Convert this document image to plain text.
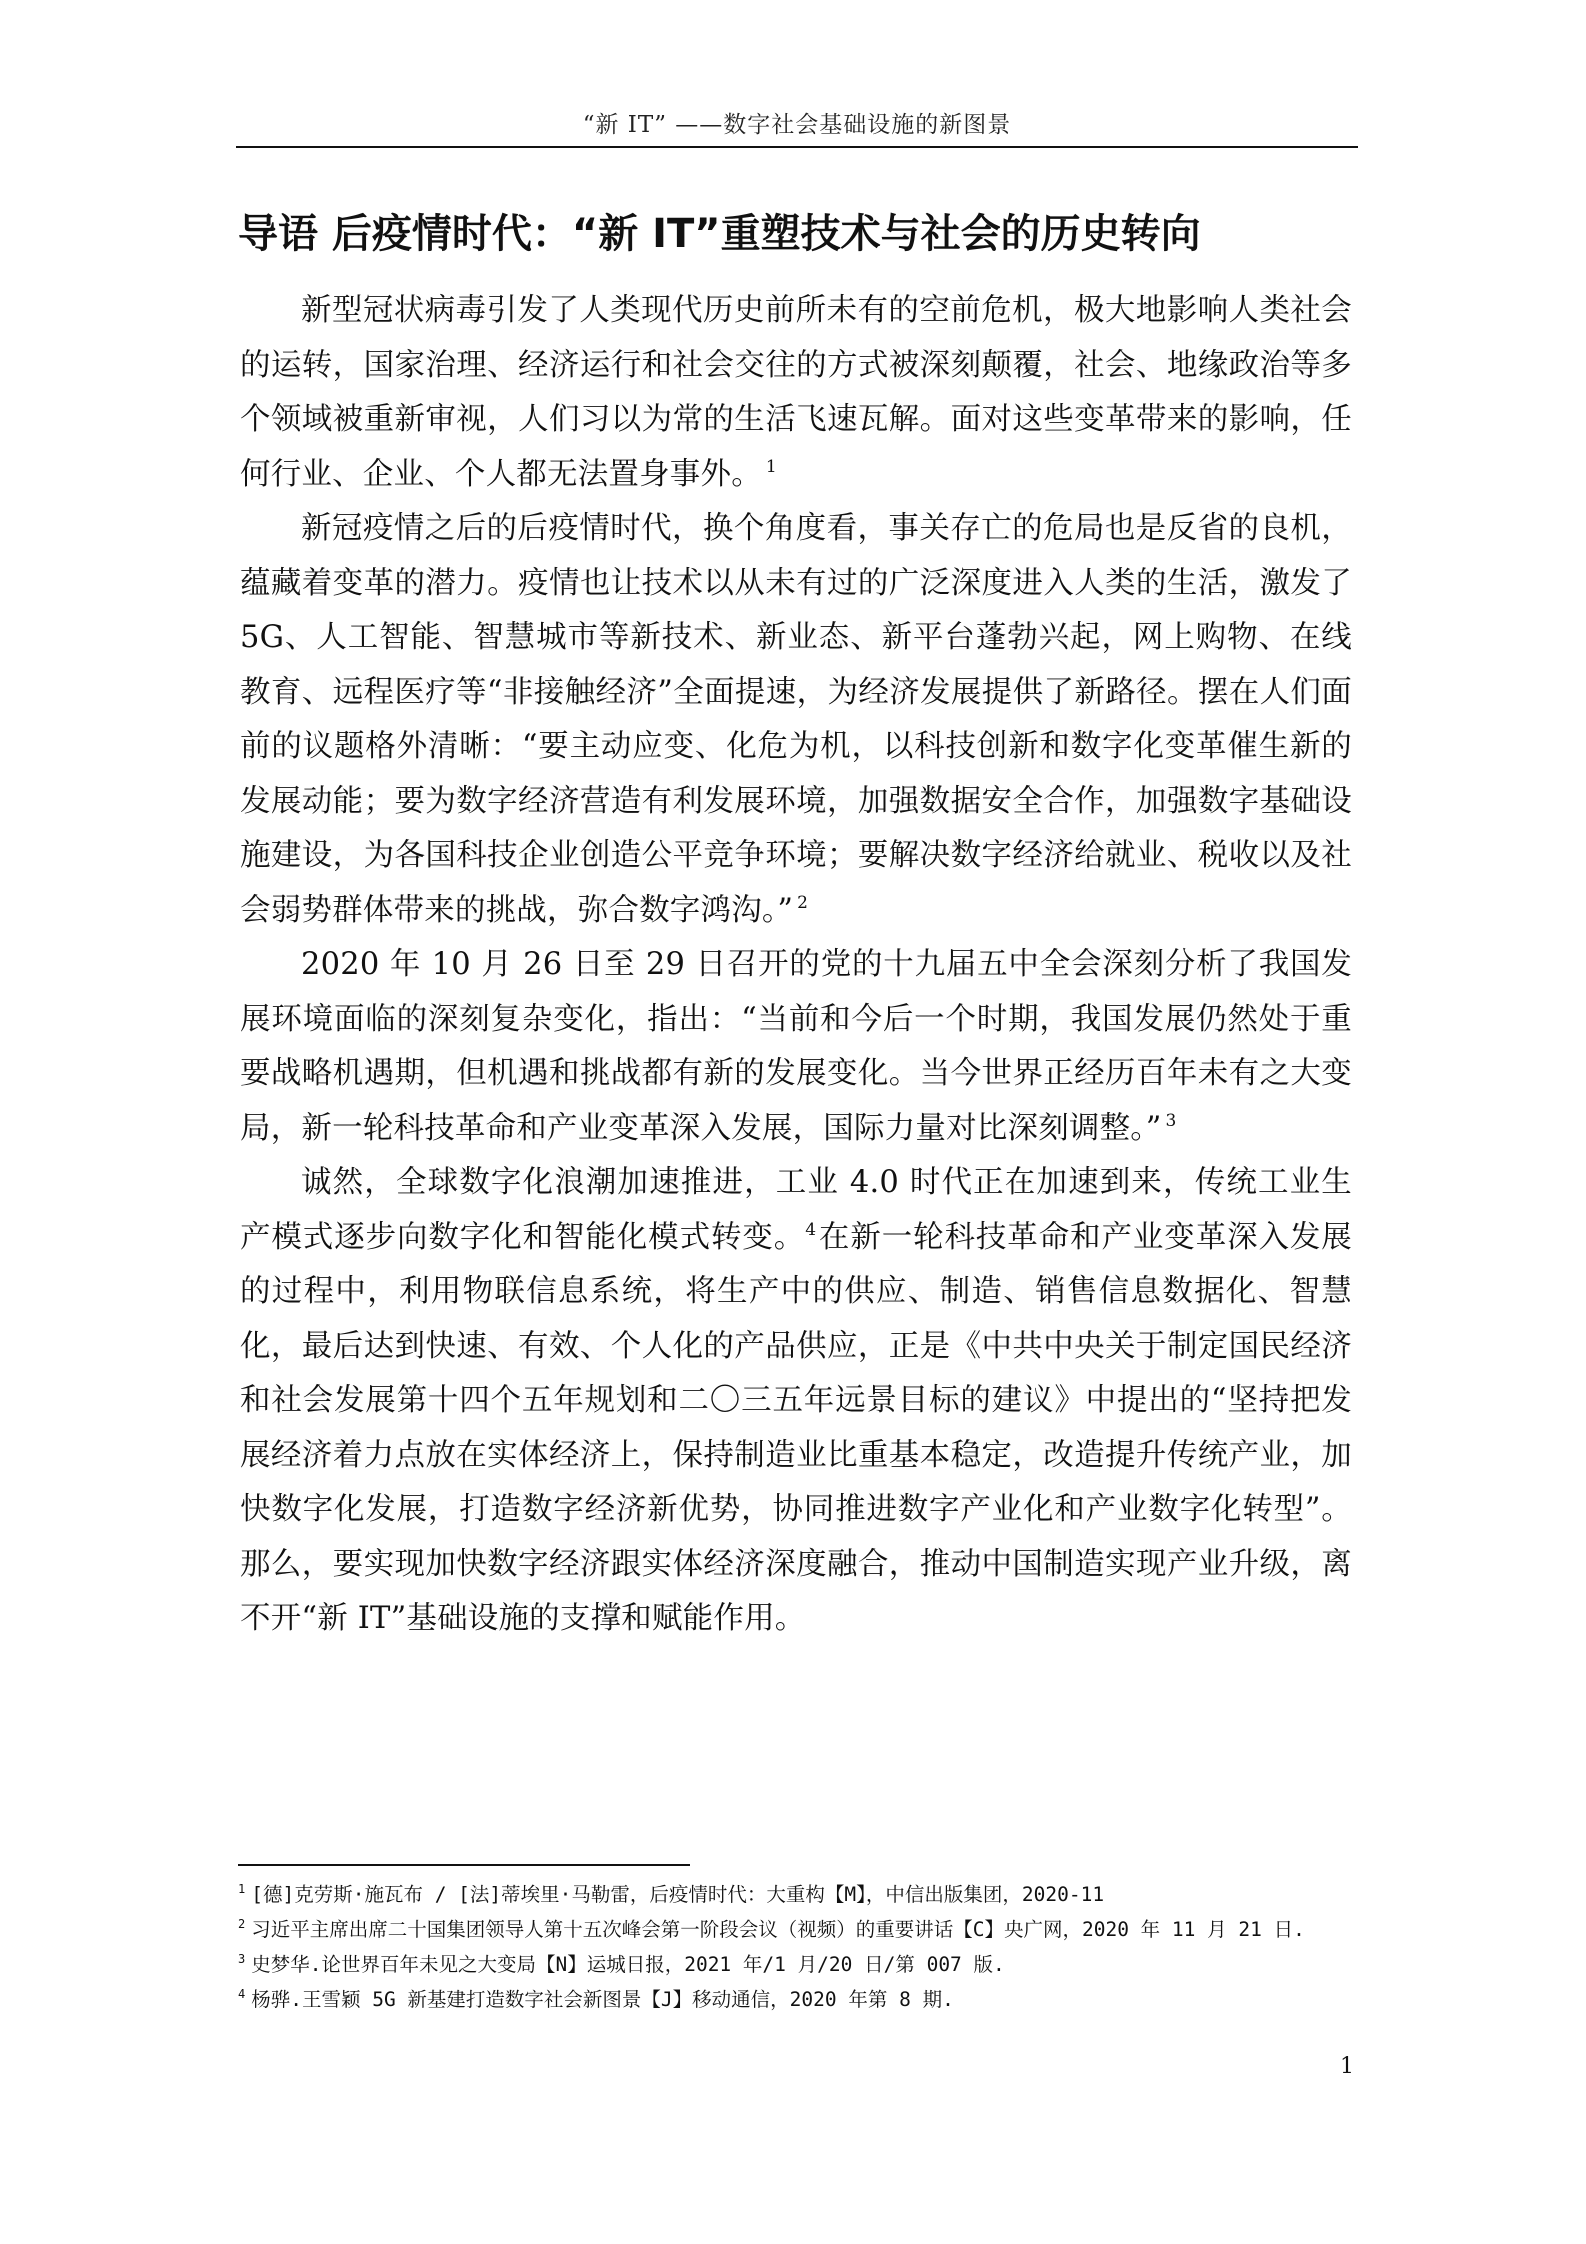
“新 IT” ——数字社会基础设施的新图景
导语 后疫情时代：“新 IT”重塑技术与社会的历史转向

新型冠状病毒引发了人类现代历史前所未有的空前危机，极大地影响人类社会的运转，国家治理、经济运行和社会交往的方式被深刻颠覆，社会、地缘政治等多个领域被重新审视，人们习以为常的生活飞速瓦解。面对这些变革带来的影响，任何行业、企业、个人都无法置身事外。 $^1$

新冠疫情之后的后疫情时代，换个角度看，事关存亡的危局也是反省的良机，蕴藏着变革的潜力。疫情也让技术以从未有过的广泛深度进入人类的生活，激发了 5G、人工智能、智慧城市等新技术、新业态、新平台蓬勃兴起，网上购物、在线教育、远程医疗等“非接触经济”全面提速，为经济发展提供了新路径。摆在人们面前的议题格外清晰：“要主动应变、化危为机，以科技创新和数字化变革催生新的发展动能；要为数字经济营造有利发展环境，加强数据安全合作，加强数字基础设施建设，为各国科技企业创造公平竞争环境；要解决数字经济给就业、税收以及社会弱势群体带来的挑战，弥合数字鸿沟。” $^2$

2020 年 10 月 26 日至 29 日召开的党的十九届五中全会深刻分析了我国发展环境面临的深刻复杂变化，指出：“当前和今后一个时期，我国发展仍然处于重要战略机遇期，但机遇和挑战都有新的发展变化。当今世界正经历百年未有之大变局，新一轮科技革命和产业变革深入发展，国际力量对比深刻调整。” $^3$

诚然，全球数字化浪潮加速推进，工业 4.0 时代正在加速到来，传统工业生产模式逐步向数字化和智能化模式转变。$^4$在新一轮科技革命和产业变革深入发展的过程中，利用物联信息系统，将生产中的供应、制造、销售信息数据化、智慧化，最后达到快速、有效、个人化的产品供应，正是《中共中央关于制定国民经济和社会发展第十四个五年规划和二〇三五年远景目标的建议》中提出的“坚持把发展经济着力点放在实体经济上，保持制造业比重基本稳定，改造提升传统产业，加快数字化发展，打造数字经济新优势，协同推进数字产业化和产业数字化转型”。那么，要实现加快数字经济跟实体经济深度融合，推动中国制造实现产业升级，离不开“新 IT”基础设施的支撑和赋能作用。

$^1$ [德]克劳斯·施瓦布 / [法]蒂埃里·马勒雷，后疫情时代：大重构【M】，中信出版集团，2020-11

$^2$ 习近平主席出席二十国集团领导人第十五次峰会第一阶段会议（视频）的重要讲话【C】央广网，2020 年 11 月 21 日.

$^3$ 史梦华.论世界百年未见之大变局【N】运城日报，2021 年/1 月/20 日/第 007 版.

$^4$ 杨骅.王雪颖 5G 新基建打造数字社会新图景【J】移动通信，2020 年第 8 期.

1
